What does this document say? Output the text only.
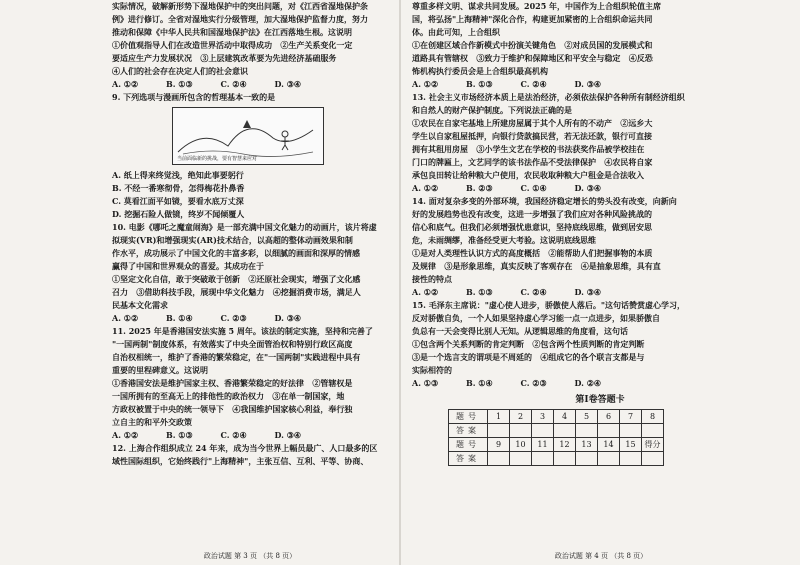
实际情况，破解新形势下湿地保护中的突出问题，对《江西省湿地保护条

例》进行修订。全省对湿地实行分级管理，加大湿地保护监督力度，努力

推动和保障《中华人民共和国湿地保护法》在江西落地生根。这说明

①价值观指导人们在改造世界活动中取得成功   ②生产关系变化一定

要适应生产力发展状况   ③上层建筑改革要为先进经济基础服务

④人们的社会存在决定人们的社会意识

A. ①②          B. ①③          C. ②④          D. ③④

9. 下列选项与漫画所包含的哲理基本一致的是

当前面临新的挑战，要有智慧来应对

A. 纸上得来终觉浅，绝知此事要躬行

B. 不经一番寒彻骨，怎得梅花扑鼻香

C. 莫看江面平如镜，要看水底万丈深

D. 挖掘石险人做镜，终岁不闻倾覆人

10. 电影《哪吒之魔童闹海》是一部充满中国文化魅力的动画片，该片将虚

拟现实(VR)和增强现实(AR)技术结合，以高超的整体动画效果和制

作水平，成功展示了中国文化的丰富多彩，以细腻的画面和深厚的情感

赢得了中国和世界观众的喜爱。其成功在于

①坚定文化自信，敢于突破敢于创新   ②还原社会现实，增强了文化感

召力   ③借助科技手段，展现中华文化魅力   ④挖掘消费市场，满足人

民基本文化需求

A. ①②          B. ①④          C. ②③          D. ③④

11. 2025 年是香港国安法实施 5 周年。该法的制定实施，坚持和完善了

"一国两制"制度体系，有效落实了中央全面管治权和特别行政区高度

自治权相统一，维护了香港的繁荣稳定，在"一国两制"实践进程中具有

重要的里程碑意义。这说明

①香港国安法是维护国家主权、香港繁荣稳定的好法律   ②管辖权是

一国所拥有的至高无上的排他性的政治权力   ③在单一制国家，地

方政权被置于中央的统一领导下   ④我国维护国家核心利益，奉行独

立自主的和平外交政策

A. ①②          B. ①③          C. ②④          D. ③④

12. 上海合作组织成立 24 年来，成为当今世界上幅员最广、人口最多的区

域性国际组织，它始终践行"上海精神"，主张互信、互利、平等、协商、

政治试题 第 3 页 （共 8 页）

尊重多样文明、谋求共同发展。2025 年，中国作为上合组织轮值主席

国，将弘扬"上海精神"深化合作，构建更加紧密的上合组织命运共同

体。由此可知，上合组织

①在创建区域合作新模式中扮演关键角色   ②对成员国的发展模式和

道路具有管辖权   ③致力于维护和保障地区和平安全与稳定   ④反恐

怖机构执行委员会是上合组织最高机构

A. ①②          B. ①③          C. ②④          D. ③④

13. 社会主义市场经济本质上是法治经济，必须依法保护各种所有制经济组织

和自然人的财产保护制度。下列说法正确的是

①农民在自家宅基地上所建房屋属于其个人所有的不动产   ②远乡大

学生以自家租屋抵押，向银行贷款搞民营，若无法还款，银行可直接

拥有其租用房屋   ③小学生文艺在学校的书法获奖作品被学校挂在

门口的牌匾上，文艺同学的该书法作品不受法律保护   ④农民将自家

承包良田转让给种粮大户使用，农民收取种粮大户租金是合法收入

A. ①②          B. ②③          C. ①④          D. ③④

14. 面对复杂多变的外部环境，我国经济稳定增长的势头没有改变，向新向

好的发展趋势也没有改变，这进一步增强了我们应对各种风险挑战的

信心和底气。但我们必须增强忧患意识，坚持底线思维，做到居安思

危，未雨绸缪，准备经受更大考验。这说明底线思维

①是对人类理性认识方式的高度概括   ②能帮助人们把握事物的本质

及规律   ③是形象思维，真实反映了客观存在   ④是抽象思维，具有直

接性的特点

A. ①②          B. ①③          C. ②④          D. ③④

15. 毛泽东主席说："虚心使人进步，骄傲使人落后。"这句话赞赏虚心学习，

反对骄傲自负，一个人如果坚持虚心学习能一点一点进步，如果骄傲自

负总有一天会变得比别人无知。从逻辑思维的角度看，这句话

①包含两个关系判断的肯定判断   ②包含两个性质判断的肯定判断

③是一个选言支的谓项是不周延的   ④组成它的各个联言支都是与

实际相符的

A. ①③          B. ①④          C. ②③          D. ②④

第Ⅰ卷答题卡
题号	1	2	3	4	5	6	7	8
答案								
题号	9	10	11	12	13	14	15	得分
答案								
政治试题 第 4 页 （共 8 页）
